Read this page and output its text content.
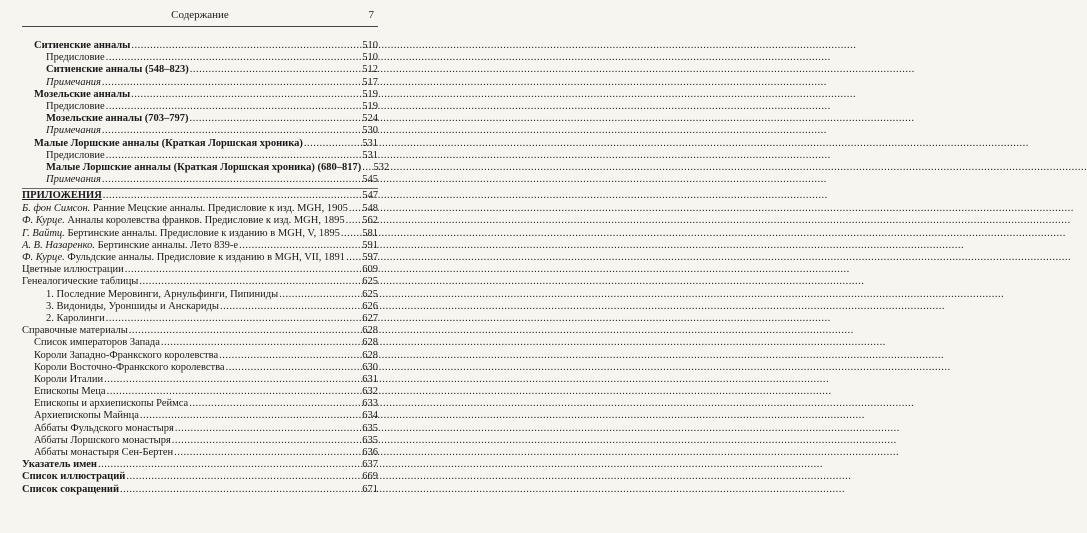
Содержание	7
Ситиенские анналы .....	510
Предисловие .....	510
Ситиенские анналы (548–823) .....	512
Примечания .....	517
Мозельские анналы .....	519
Предисловие .....	519
Мозельские анналы (703–797) .....	524
Примечания .....	530
Малые Лоршские анналы (Краткая Лоршская хроника) .....	531
Предисловие .....	531
Малые Лоршские анналы (Краткая Лоршская хроника) (680–817) .....	532
Примечания .....	545
ПРИЛОЖЕНИЯ .....	547
Б. фон Симсон. Ранние Мецские анналы. Предисловие к изд. MGH, 1905 .....	548
Ф. Курце. Анналы королевства франков. Предисловие к изд. MGH, 1895 .....	562
Г. Вайтц. Бертинские анналы. Предисловие к изданию в MGH, V, 1895 .....	581
А. В. Назаренко. Бертинские анналы. Лето 839-е .....	591
Ф. Курце. Фульдские анналы. Предисловие к изданию в MGH, VII, 1891 .....	597
Цветные иллюстрации .....	609
Генеалогические таблицы .....	625
1. Последние Меровинги, Арнульфинги, Пипиниды .....	625
3. Видониды, Уроншиды и Анскариды .....	626
2. Каролинги .....	627
Справочные материалы .....	628
Список императоров Запада .....	628
Короли Западно-Франкского королевства .....	628
Короли Восточно-Франкского королевства .....	630
Короли Италии .....	631
Епископы Меца .....	632
Епископы и архиепископы Реймса .....	633
Архиепископы Майнца .....	634
Аббаты Фульдского монастыря .....	635
Аббаты Лоршского монастыря .....	635
Аббаты монастыря Сен-Бертен .....	636
Указатель имен .....	637
Список иллюстраций .....	669
Список сокращений .....	671
